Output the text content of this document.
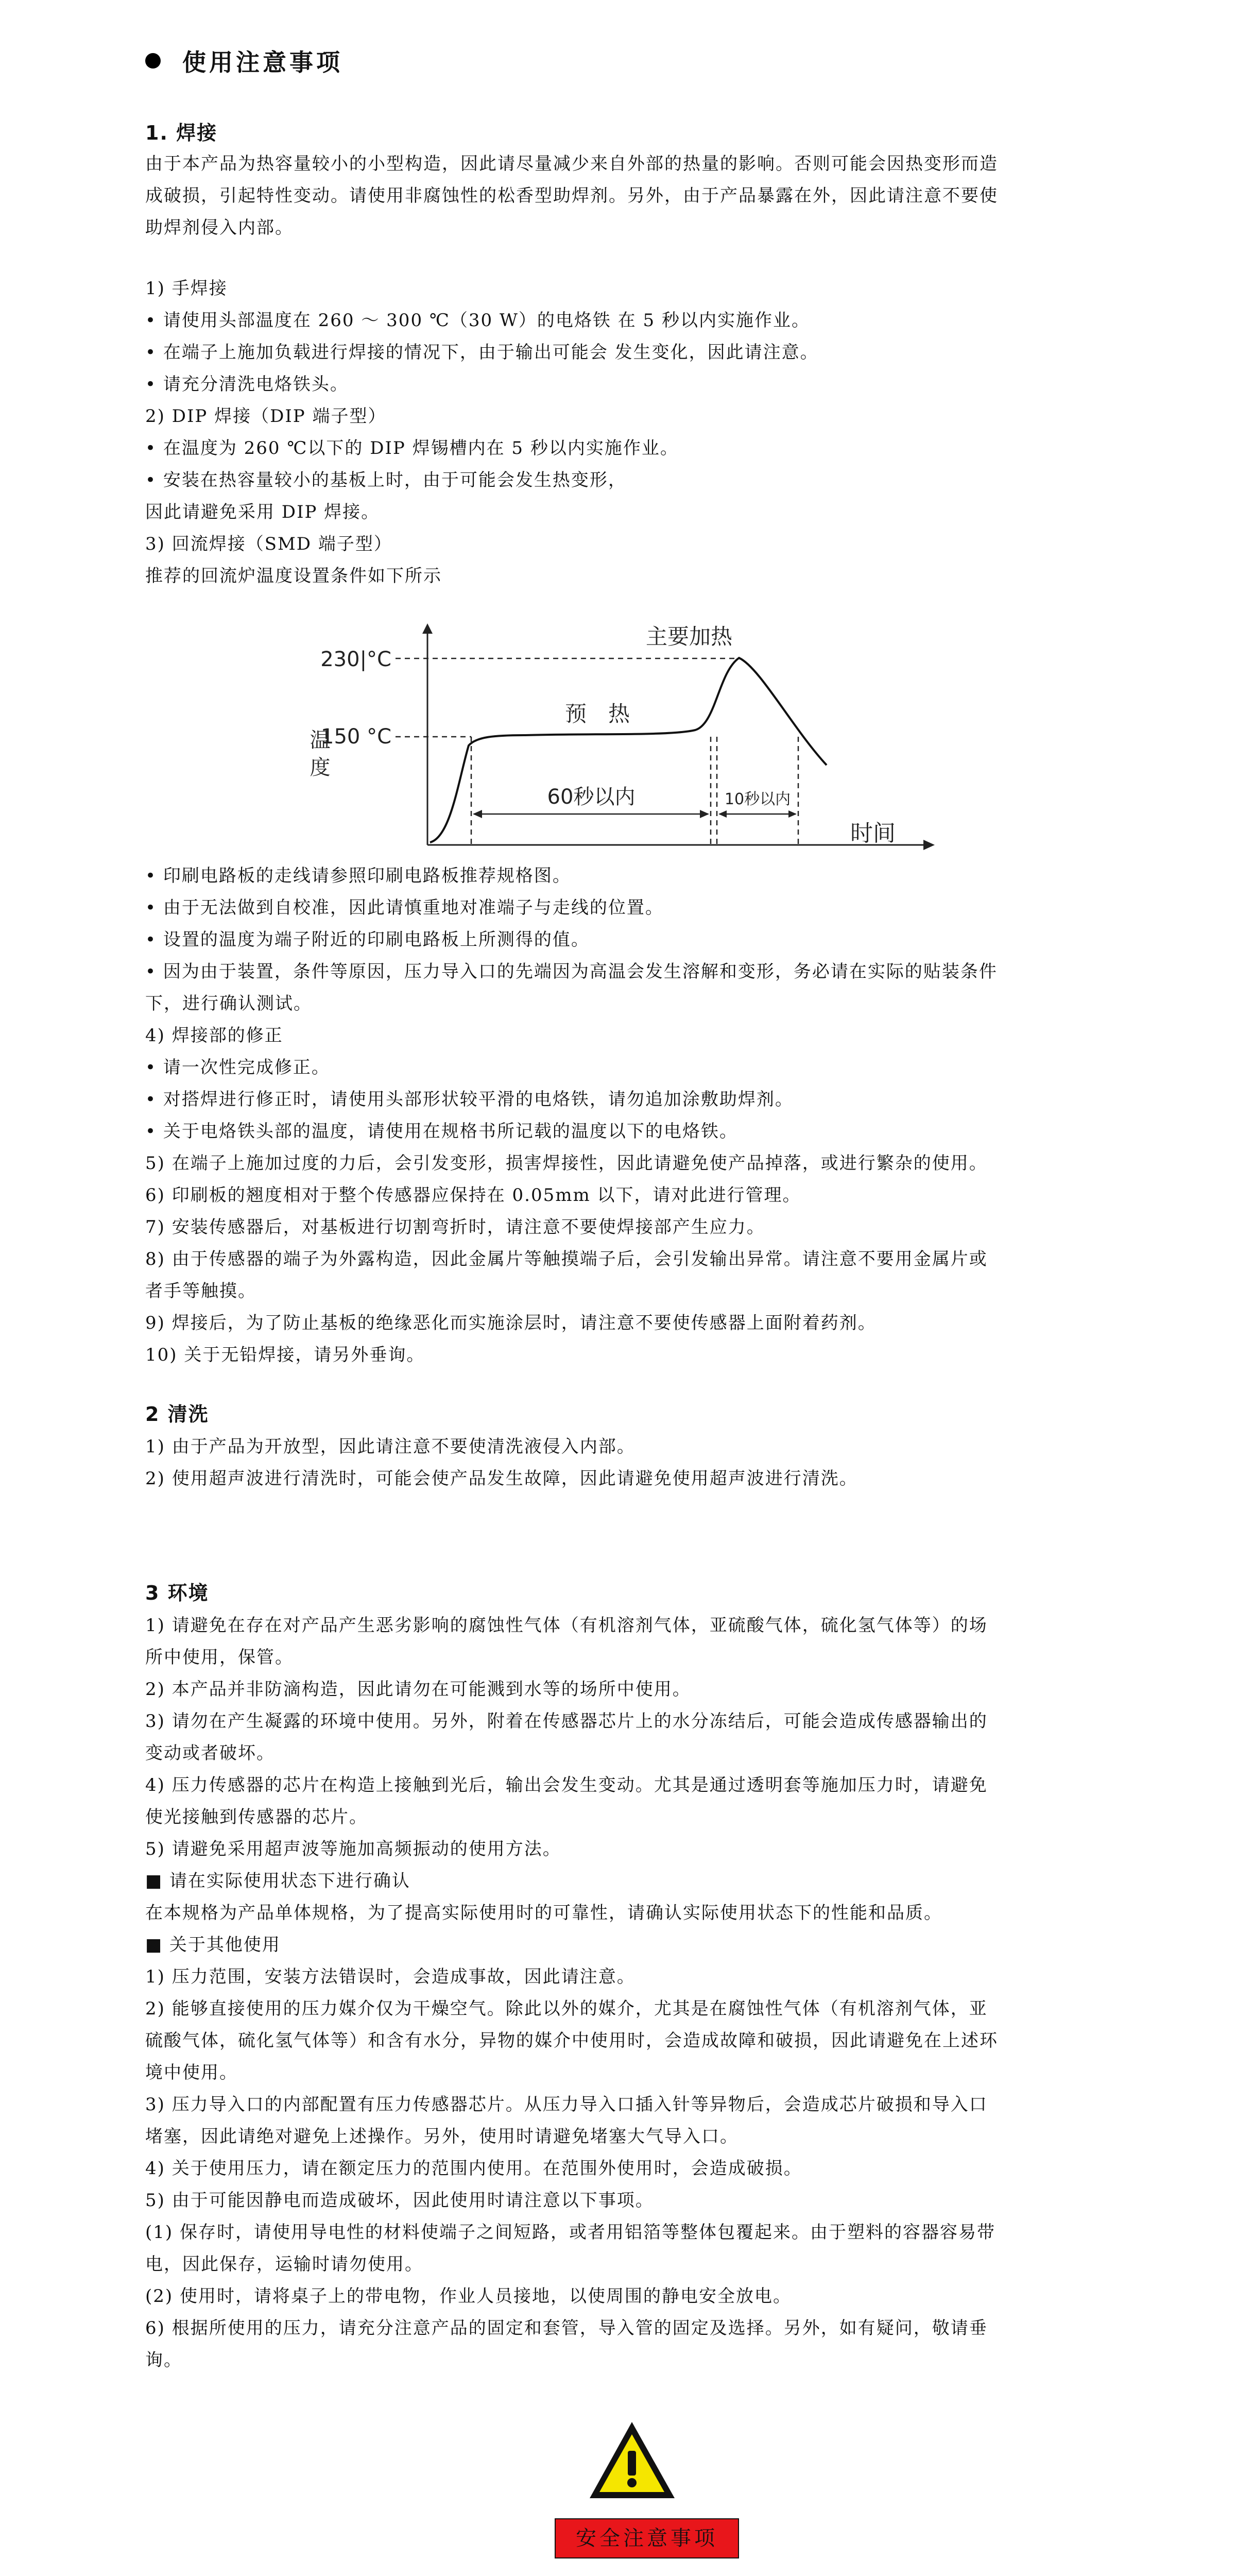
使用注意事项
温 度
230|°C
150 °C
预　热
主要加热
60秒以内	10秒以内
时间
安全注意事项
1. 焊接
由于本产品为热容量较小的小型构造，因此请尽量减少来自外部的热量的影响。否则可能会因热变形而造
成破损，引起特性变动。请使用非腐蚀性的松香型助焊剂。另外，由于产品暴露在外，因此请注意不要使
助焊剂侵入内部。
1) 手焊接
• 请使用头部温度在 260 ～ 300 ℃（30 W）的电烙铁 在 5 秒以内实施作业。
• 在端子上施加负载进行焊接的情况下，由于输出可能会 发生变化，因此请注意。
• 请充分清洗电烙铁头。
2) DIP 焊接（DIP 端子型）
• 在温度为 260 ℃以下的 DIP 焊锡槽内在 5 秒以内实施作业。
• 安装在热容量较小的基板上时，由于可能会发生热变形，
因此请避免采用 DIP 焊接。
3) 回流焊接（SMD 端子型）
推荐的回流炉温度设置条件如下所示
• 印刷电路板的走线请参照印刷电路板推荐规格图。
• 由于无法做到自校准，因此请慎重地对准端子与走线的位置。
• 设置的温度为端子附近的印刷电路板上所测得的值。
• 因为由于装置，条件等原因，压力导入口的先端因为高温会发生溶解和变形，务必请在实际的贴装条件
下，进行确认测试。
4) 焊接部的修正
• 请一次性完成修正。
• 对搭焊进行修正时，请使用头部形状较平滑的电烙铁，请勿追加涂敷助焊剂。
• 关于电烙铁头部的温度，请使用在规格书所记载的温度以下的电烙铁。
5) 在端子上施加过度的力后，会引发变形，损害焊接性，因此请避免使产品掉落，或进行繁杂的使用。
6) 印刷板的翘度相对于整个传感器应保持在 0.05mm 以下，请对此进行管理。
7) 安装传感器后，对基板进行切割弯折时，请注意不要使焊接部产生应力。
8) 由于传感器的端子为外露构造，因此金属片等触摸端子后，会引发输出异常。请注意不要用金属片或
者手等触摸。
9) 焊接后，为了防止基板的绝缘恶化而实施涂层时，请注意不要使传感器上面附着药剂。
10) 关于无铅焊接，请另外垂询。
2 清洗
1) 由于产品为开放型，因此请注意不要使清洗液侵入内部。
2) 使用超声波进行清洗时，可能会使产品发生故障，因此请避免使用超声波进行清洗。
3 环境
1) 请避免在存在对产品产生恶劣影响的腐蚀性气体（有机溶剂气体，亚硫酸气体，硫化氢气体等）的场
所中使用，保管。
2) 本产品并非防滴构造，因此请勿在可能溅到水等的场所中使用。
3) 请勿在产生凝露的环境中使用。另外，附着在传感器芯片上的水分冻结后，可能会造成传感器输出的
变动或者破坏。
4) 压力传感器的芯片在构造上接触到光后，输出会发生变动。尤其是通过透明套等施加压力时，请避免
使光接触到传感器的芯片。
5) 请避免采用超声波等施加高频振动的使用方法。
■ 请在实际使用状态下进行确认
在本规格为产品单体规格，为了提高实际使用时的可靠性，请确认实际使用状态下的性能和品质。
■ 关于其他使用
1) 压力范围，安装方法错误时，会造成事故，因此请注意。
2) 能够直接使用的压力媒介仅为干燥空气。除此以外的媒介，尤其是在腐蚀性气体（有机溶剂气体，亚
硫酸气体，硫化氢气体等）和含有水分，异物的媒介中使用时，会造成故障和破损，因此请避免在上述环
境中使用。
3) 压力导入口的内部配置有压力传感器芯片。从压力导入口插入针等异物后，会造成芯片破损和导入口
堵塞，因此请绝对避免上述操作。另外，使用时请避免堵塞大气导入口。
4) 关于使用压力，请在额定压力的范围内使用。在范围外使用时，会造成破损。
5) 由于可能因静电而造成破坏，因此使用时请注意以下事项。
(1) 保存时，请使用导电性的材料使端子之间短路，或者用铝箔等整体包覆起来。由于塑料的容器容易带
电，因此保存，运输时请勿使用。
(2) 使用时，请将桌子上的带电物，作业人员接地，以使周围的静电安全放电。
6) 根据所使用的压力，请充分注意产品的固定和套管，导入管的固定及选择。另外，如有疑问，敬请垂
询。
